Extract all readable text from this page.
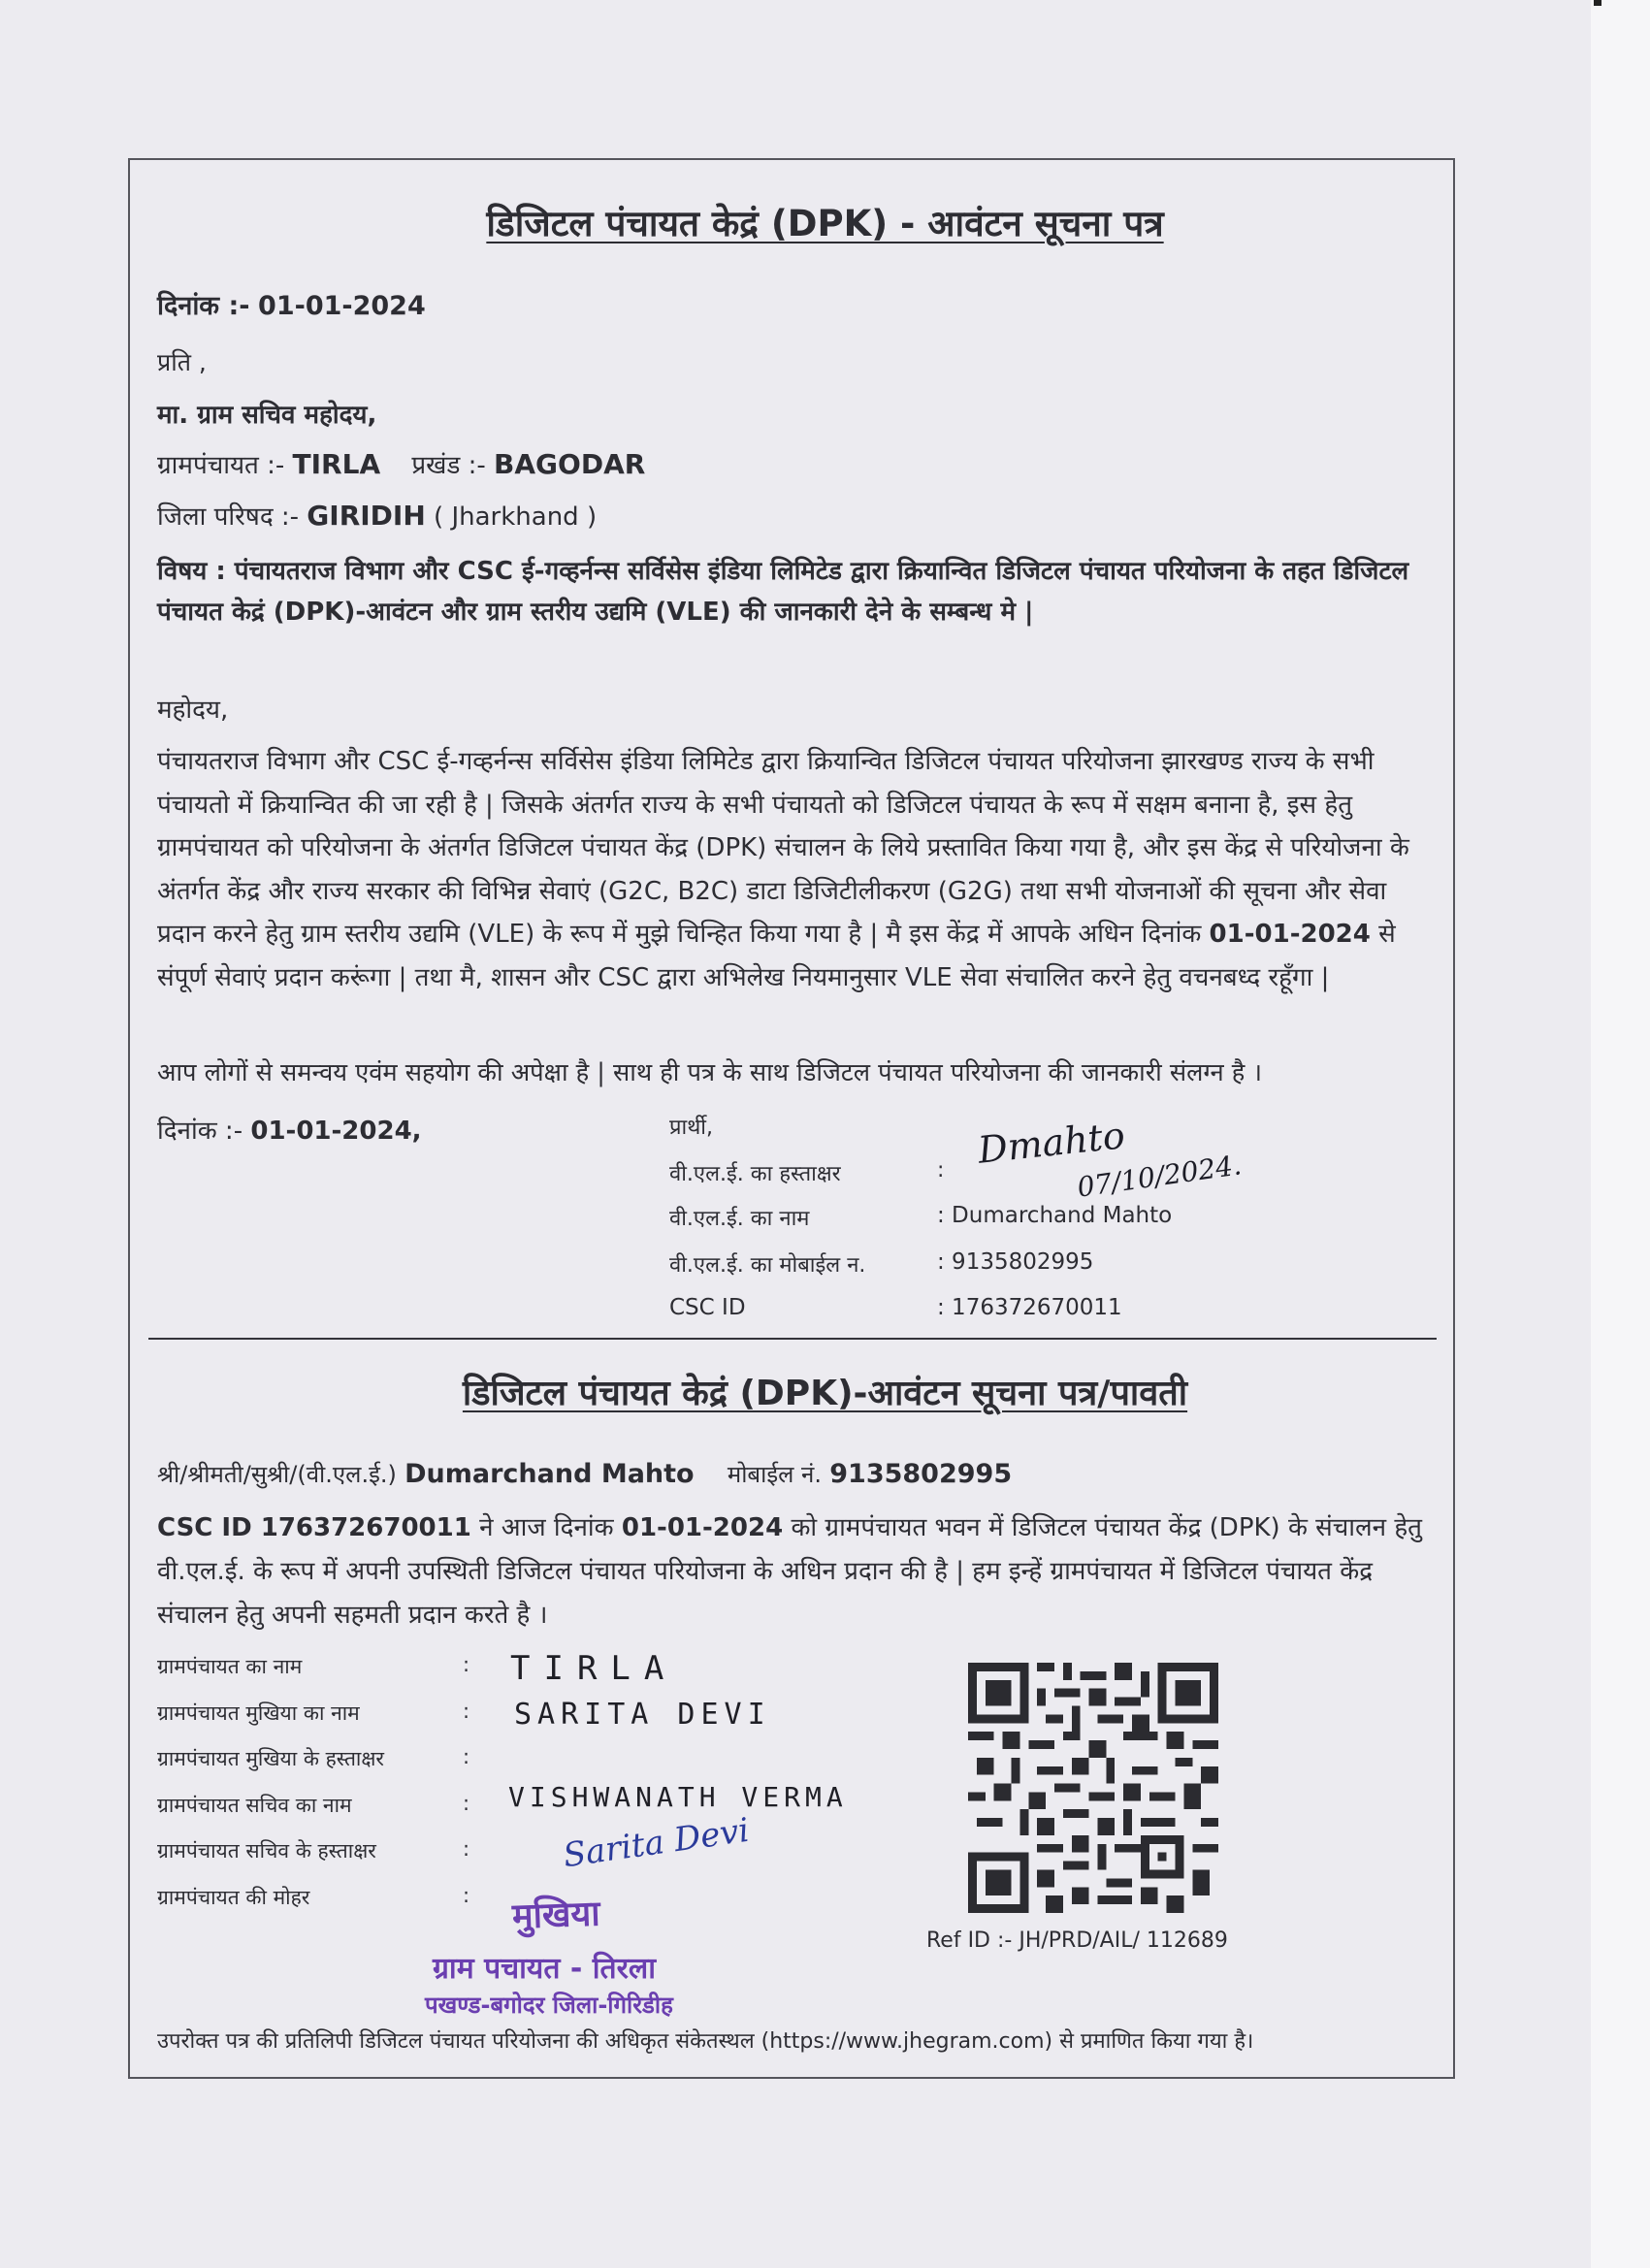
डिजिटल पंचायत केद्रं (DPK) - आवंटन सूचना पत्र
दिनांक :- 01-01-2024
प्रति ,
मा. ग्राम सचिव महोदय,
ग्रामपंचायत :- TIRLA प्रखंड :- BAGODAR
जिला परिषद :- GIRIDIH ( Jharkhand )
विषय : पंचायतराज विभाग और CSC ई-गव्हर्नन्स सर्विसेस इंडिया लिमिटेड द्वारा क्रियान्वित डिजिटल पंचायत परियोजना के तहत डिजिटल पंचायत केद्रं (DPK)-आवंटन और ग्राम स्तरीय उद्यमि (VLE) की जानकारी देने के सम्बन्ध मे |
महोदय,
पंचायतराज विभाग और CSC ई-गव्हर्नन्स सर्विसेस इंडिया लिमिटेड द्वारा क्रियान्वित डिजिटल पंचायत परियोजना झारखण्ड राज्य के सभी पंचायतो में क्रियान्वित की जा रही है | जिसके अंतर्गत राज्य के सभी पंचायतो को डिजिटल पंचायत के रूप में सक्षम बनाना है, इस हेतु ग्रामपंचायत को परियोजना के अंतर्गत डिजिटल पंचायत केंद्र (DPK) संचालन के लिये प्रस्तावित किया गया है, और इस केंद्र से परियोजना के अंतर्गत केंद्र और राज्य सरकार की विभिन्न सेवाएं (G2C, B2C) डाटा डिजिटीलीकरण (G2G) तथा सभी योजनाओं की सूचना और सेवा प्रदान करने हेतु ग्राम स्तरीय उद्यमि (VLE) के रूप में मुझे चिन्हित किया गया है | मै इस केंद्र में आपके अधिन दिनांक 01-01-2024 से संपूर्ण सेवाएं प्रदान करूंगा | तथा मै, शासन और CSC द्वारा अभिलेख नियमानुसार VLE सेवा संचालित करने हेतु वचनबध्द रहूँगा |
आप लोगों से समन्वय एवंम सहयोग की अपेक्षा है | साथ ही पत्र के साथ डिजिटल पंचायत परियोजना की जानकारी संलग्न है ।
दिनांक :- 01-01-2024,	प्रार्थी,
वी.एल.ई. का हस्ताक्षर	: Dmahto
07/10/2024.
वी.एल.ई. का नाम	: Dumarchand Mahto
वी.एल.ई. का मोबाईल न.	: 9135802995
CSC ID	: 176372670011
डिजिटल पंचायत केद्रं (DPK)-आवंटन सूचना पत्र/पावती
श्री/श्रीमती/सुश्री/(वी.एल.ई.) Dumarchand Mahto मोबाईल नं. 9135802995
CSC ID 176372670011 ने आज दिनांक 01-01-2024 को ग्रामपंचायत भवन में डिजिटल पंचायत केंद्र (DPK) के संचालन हेतु वी.एल.ई. के रूप में अपनी उपस्थिती डिजिटल पंचायत परियोजना के अधिन प्रदान की है | हम इन्हें ग्रामपंचायत में डिजिटल पंचायत केंद्र संचालन हेतु अपनी सहमती प्रदान करते है ।
ग्रामपंचायत का नाम	: TIRLA
ग्रामपंचायत मुखिया का नाम	: SARITA DEVI
ग्रामपंचायत मुखिया के हस्ताक्षर	:
ग्रामपंचायत सचिव का नाम	: VISHWANATH VERMA
ग्रामपंचायत सचिव के हस्ताक्षर	:
ग्रामपंचायत की मोहर	:
Sarita Devi
मुखिया
ग्राम पचायत - तिरला
पखण्ड-बगोदर जिला-गिरिडीह
Ref ID :- JH/PRD/AIL/ 112689
उपरोक्त पत्र की प्रतिलिपी डिजिटल पंचायत परियोजना की अधिकृत संकेतस्थल (https://www.jhegram.com) से प्रमाणित किया गया है।
